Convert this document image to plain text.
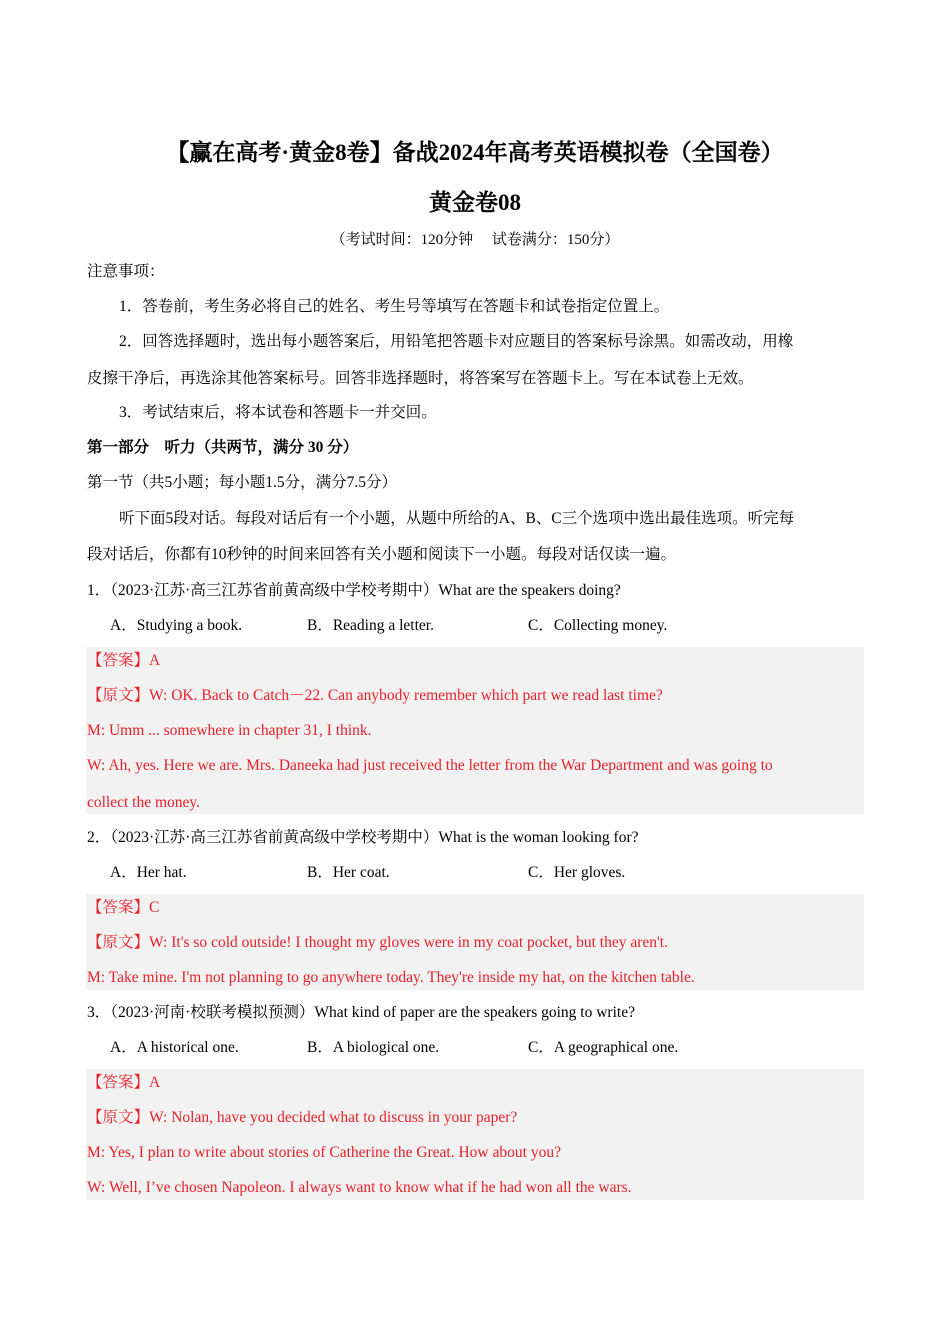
【赢在高考·黄金8卷】备战2024年高考英语模拟卷（全国卷）
黄金卷08
（考试时间：120分钟　 试卷满分：150分）
注意事项：
1．答卷前，考生务必将自己的姓名、考生号等填写在答题卡和试卷指定位置上。
2．回答选择题时，选出每小题答案后，用铅笔把答题卡对应题目的答案标号涂黑。如需改动，用橡
皮擦干净后，再选涂其他答案标号。回答非选择题时，将答案写在答题卡上。写在本试卷上无效。
3．考试结束后，将本试卷和答题卡一并交回。
第一部分　听力（共两节，满分 30 分）
第一节（共5小题；每小题1.5分，满分7.5分）
听下面5段对话。每段对话后有一个小题，从题中所给的A、B、C三个选项中选出最佳选项。听完每
段对话后，你都有10秒钟的时间来回答有关小题和阅读下一小题。每段对话仅读一遍。
1．（2023·江苏·高三江苏省前黄高级中学校考期中）What are the speakers doing?
A．Studying a book.	B．Reading a letter.	C．Collecting money.
【答案】A
【原文】W: OK. Back to Catch－22. Can anybody remember which part we read last time?
M: Umm ... somewhere in chapter 31, I think.
W: Ah, yes. Here we are. Mrs. Daneeka had just received the letter from the War Department and was going to
collect the money.
2．（2023·江苏·高三江苏省前黄高级中学校考期中）What is the woman looking for?
A．Her hat.	B．Her coat.	C．Her gloves.
【答案】C
【原文】W: It's so cold outside! I thought my gloves were in my coat pocket, but they aren't.
M: Take mine. I'm not planning to go anywhere today. They're inside my hat, on the kitchen table.
3．（2023·河南·校联考模拟预测）What kind of paper are the speakers going to write?
A．A historical one.	B．A biological one.	C．A geographical one.
【答案】A
【原文】W: Nolan, have you decided what to discuss in your paper?
M: Yes, I plan to write about stories of Catherine the Great. How about you?
W: Well, I’ve chosen Napoleon. I always want to know what if he had won all the wars.
